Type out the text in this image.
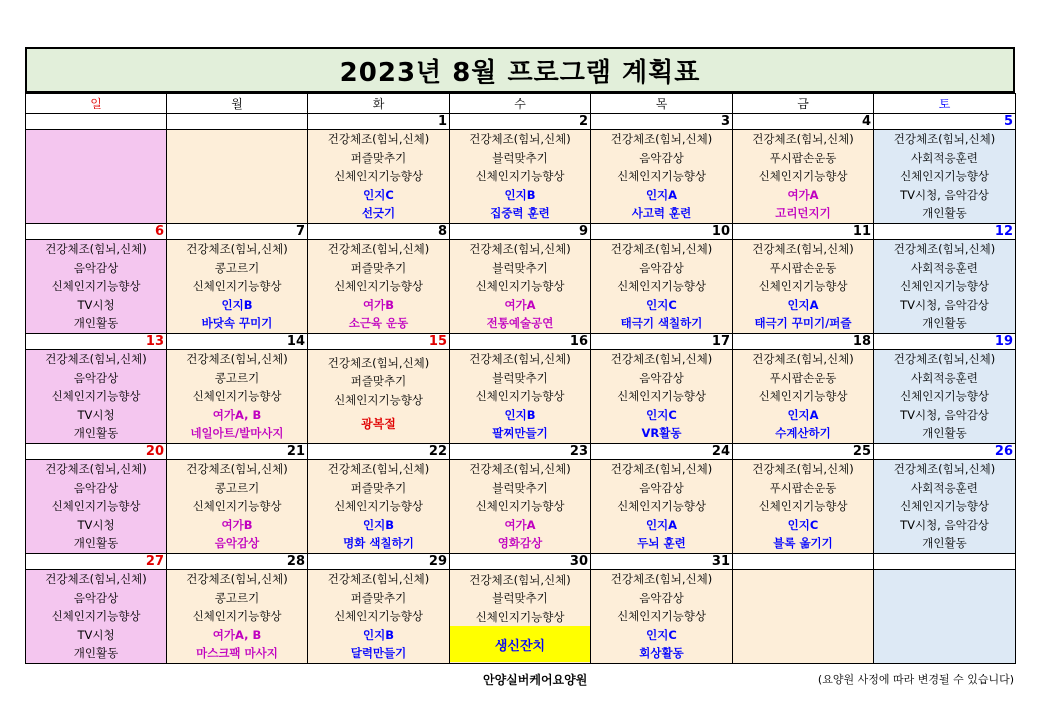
2023년 8월 프로그램 계획표
일	월	화	수	목	금	토
		1	2	3	4	5

		건강체조(힘뇌,신체)
퍼즐맞추기
신체인지기능향상
인지C
선긋기	건강체조(힘뇌,신체)
블럭맞추기
신체인지기능향상
인지B
집중력 훈련	건강체조(힘뇌,신체)
음악감상
신체인지기능향상
인지A
사고력 훈련	건강체조(힘뇌,신체)
푸시팝손운동
신체인지기능향상
여가A
고리던지기	건강체조(힘뇌,신체)
사회적응훈련
신체인지기능향상
TV시청, 음악감상
개인활동

6	7	8	9	10	11	12

건강체조(힘뇌,신체)
음악감상
신체인지기능향상
TV시청
개인활동	건강체조(힘뇌,신체)
콩고르기
신체인지기능향상
인지B
바닷속 꾸미기	건강체조(힘뇌,신체)
퍼즐맞추기
신체인지기능향상
여가B
소근육 운동	건강체조(힘뇌,신체)
블럭맞추기
신체인지기능향상
여가A
전통예술공연	건강체조(힘뇌,신체)
음악감상
신체인지기능향상
인지C
태극기 색칠하기	건강체조(힘뇌,신체)
푸시팝손운동
신체인지기능향상
인지A
태극기 꾸미기/퍼즐	건강체조(힘뇌,신체)
사회적응훈련
신체인지기능향상
TV시청, 음악감상
개인활동

13	14	15	16	17	18	19

건강체조(힘뇌,신체)
음악감상
신체인지기능향상
TV시청
개인활동	건강체조(힘뇌,신체)
콩고르기
신체인지기능향상
여가A, B
네일아트/발마사지	건강체조(힘뇌,신체)
퍼즐맞추기
신체인지기능향상
광복절	건강체조(힘뇌,신체)
블럭맞추기
신체인지기능향상
인지B
팔찌만들기	건강체조(힘뇌,신체)
음악감상
신체인지기능향상
인지C
VR활동	건강체조(힘뇌,신체)
푸시팝손운동
신체인지기능향상
인지A
수계산하기	건강체조(힘뇌,신체)
사회적응훈련
신체인지기능향상
TV시청, 음악감상
개인활동

20	21	22	23	24	25	26

건강체조(힘뇌,신체)
음악감상
신체인지기능향상
TV시청
개인활동	건강체조(힘뇌,신체)
콩고르기
신체인지기능향상
여가B
음악감상	건강체조(힘뇌,신체)
퍼즐맞추기
신체인지기능향상
인지B
명화 색칠하기	건강체조(힘뇌,신체)
블럭맞추기
신체인지기능향상
여가A
영화감상	건강체조(힘뇌,신체)
음악감상
신체인지기능향상
인지A
두뇌 훈련	건강체조(힘뇌,신체)
푸시팝손운동
신체인지기능향상
인지C
블록 옮기기	건강체조(힘뇌,신체)
사회적응훈련
신체인지기능향상
TV시청, 음악감상
개인활동

27	28	29	30	31		

건강체조(힘뇌,신체)
음악감상
신체인지기능향상
TV시청
개인활동	건강체조(힘뇌,신체)
콩고르기
신체인지기능향상
여가A, B
마스크팩 마사지	건강체조(힘뇌,신체)
퍼즐맞추기
신체인지기능향상
인지B
달력만들기	건강체조(힘뇌,신체)
블럭맞추기
신체인지기능향상
생신잔치	건강체조(힘뇌,신체)
음악감상
신체인지기능향상
인지C
회상활동		

안양실버케어요양원	(요양원 사정에 따라 변경될 수 있습니다)
